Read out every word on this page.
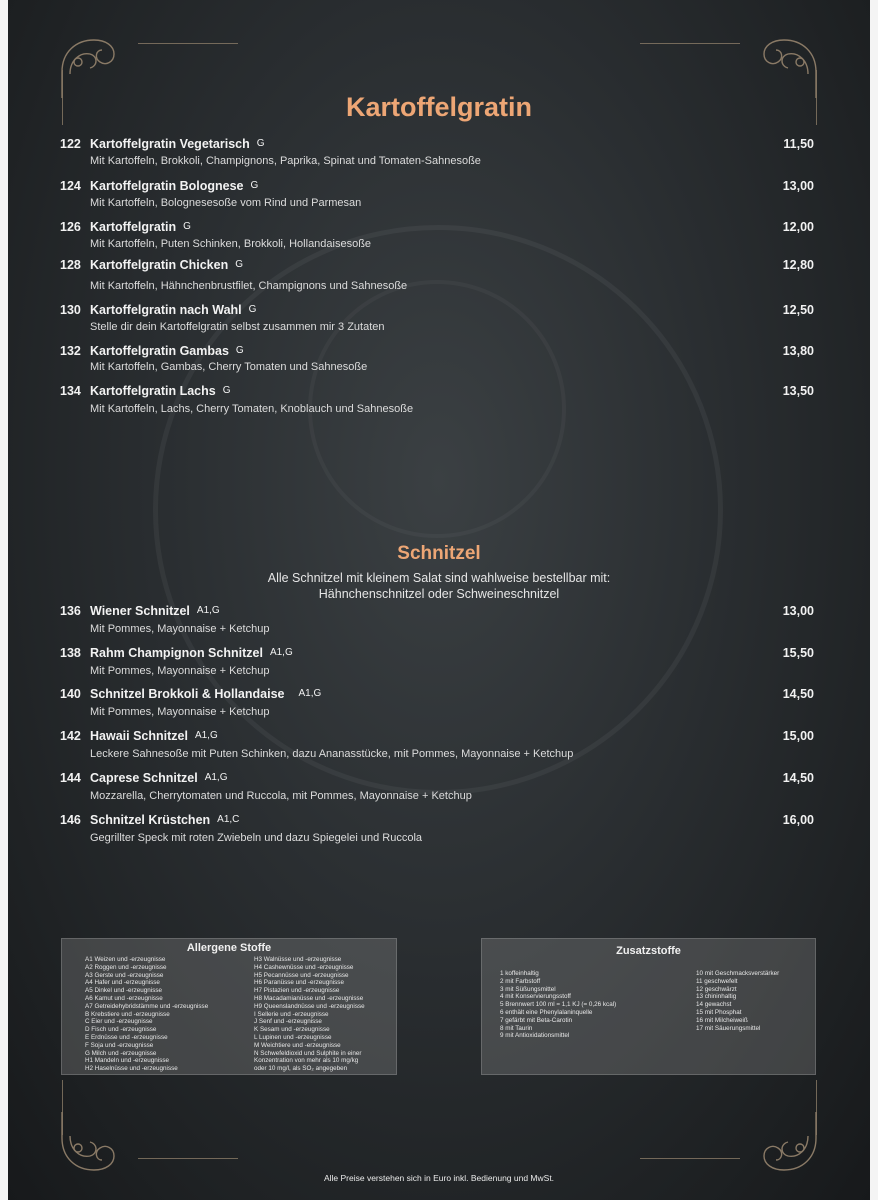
Kartoffelgratin
122 Kartoffelgratin Vegetarisch G	11,50
Mit Kartoffeln, Brokkoli, Champignons, Paprika, Spinat und Tomaten-Sahnesoße
124 Kartoffelgratin Bolognese G	13,00
Mit Kartoffeln, Bolognesesoße vom Rind und Parmesan
126 Kartoffelgratin G	12,00
Mit Kartoffeln, Puten Schinken, Brokkoli, Hollandaisesoße
128 Kartoffelgratin Chicken G	12,80
Mit Kartoffeln, Hähnchenbrustfilet, Champignons und Sahnesoße
130 Kartoffelgratin nach Wahl G	12,50
Stelle dir dein Kartoffelgratin selbst zusammen mir 3 Zutaten
132 Kartoffelgratin Gambas G	13,80
Mit Kartoffeln, Gambas, Cherry Tomaten und Sahnesoße
134 Kartoffelgratin Lachs G	13,50
Mit Kartoffeln, Lachs, Cherry Tomaten, Knoblauch und Sahnesoße
Schnitzel
Alle Schnitzel mit kleinem Salat sind wahlweise bestellbar mit:
Hähnchenschnitzel oder Schweineschnitzel
136 Wiener Schnitzel A1,G	13,00
Mit Pommes, Mayonnaise + Ketchup
138 Rahm Champignon Schnitzel A1,G	15,50
Mit Pommes, Mayonnaise + Ketchup
140 Schnitzel Brokkoli & Hollandaise A1,G	14,50
Mit Pommes, Mayonnaise + Ketchup
142 Hawaii Schnitzel A1,G	15,00
Leckere Sahnesoße mit Puten Schinken, dazu Ananasstücke, mit Pommes, Mayonnaise + Ketchup
144 Caprese Schnitzel A1,G	14,50
Mozzarella, Cherrytomaten und Ruccola, mit Pommes, Mayonnaise + Ketchup
146 Schnitzel Krüstchen A1,C	16,00
Gegrillter Speck mit roten Zwiebeln und dazu Spiegelei und Ruccola
Allergene Stoffe
A1 Weizen und -erzeugnisse
A2 Roggen und -erzeugnisse
A3 Gerste und -erzeugnisse
A4 Hafer und -erzeugnisse
A5 Dinkel und -erzeugnisse
A6 Kamut und -erzeugnisse
A7 Getreidehybridstämme und -erzeugnisse
B Krebstiere und -erzeugnisse
C Eier und -erzeugnisse
D Fisch und -erzeugnisse
E Erdnüsse und -erzeugnisse
F Soja und -erzeugnisse
G Milch und -erzeugnisse
H1 Mandeln und -erzeugnisse
H2 Haselnüsse und -erzeugnisse
H3 Walnüsse und -erzeugnisse
H4 Cashewnüsse und -erzeugnisse
H5 Pecannüsse und -erzeugnisse
H6 Paranüsse und -erzeugnisse
H7 Pistazien und -erzeugnisse
H8 Macadamianüsse und -erzeugnisse
H9 Queenslandnüsse und -erzeugnisse
I Sellerie und -erzeugnisse
J Senf und -erzeugnisse
K Sesam und -erzeugnisse
L Lupinen und -erzeugnisse
M Weichtiere und -erzeugnisse
N Schwefeldioxid und Sulphite in einer
Konzentration von mehr als 10 mg/kg
oder 10 mg/l, als SO₂ angegeben
Zusatzstoffe
1 koffeinhaltig
2 mit Farbstoff
3 mit Süßungsmittel
4 mit Konservierungsstoff
5 Brennwert 100 ml = 1,1 KJ (= 0,26 kcal)
6 enthält eine Phenylalaninquelle
7 gefärbt mit Beta-Carotin
8 mit Taurin
9 mit Antioxidationsmittel
10 mit Geschmacksverstärker
11 geschwefelt
12 geschwärzt
13 chininhaltig
14 gewachst
15 mit Phosphat
16 mit Milcheiweiß
17 mit Säuerungsmittel
Alle Preise verstehen sich in Euro inkl. Bedienung und MwSt.
